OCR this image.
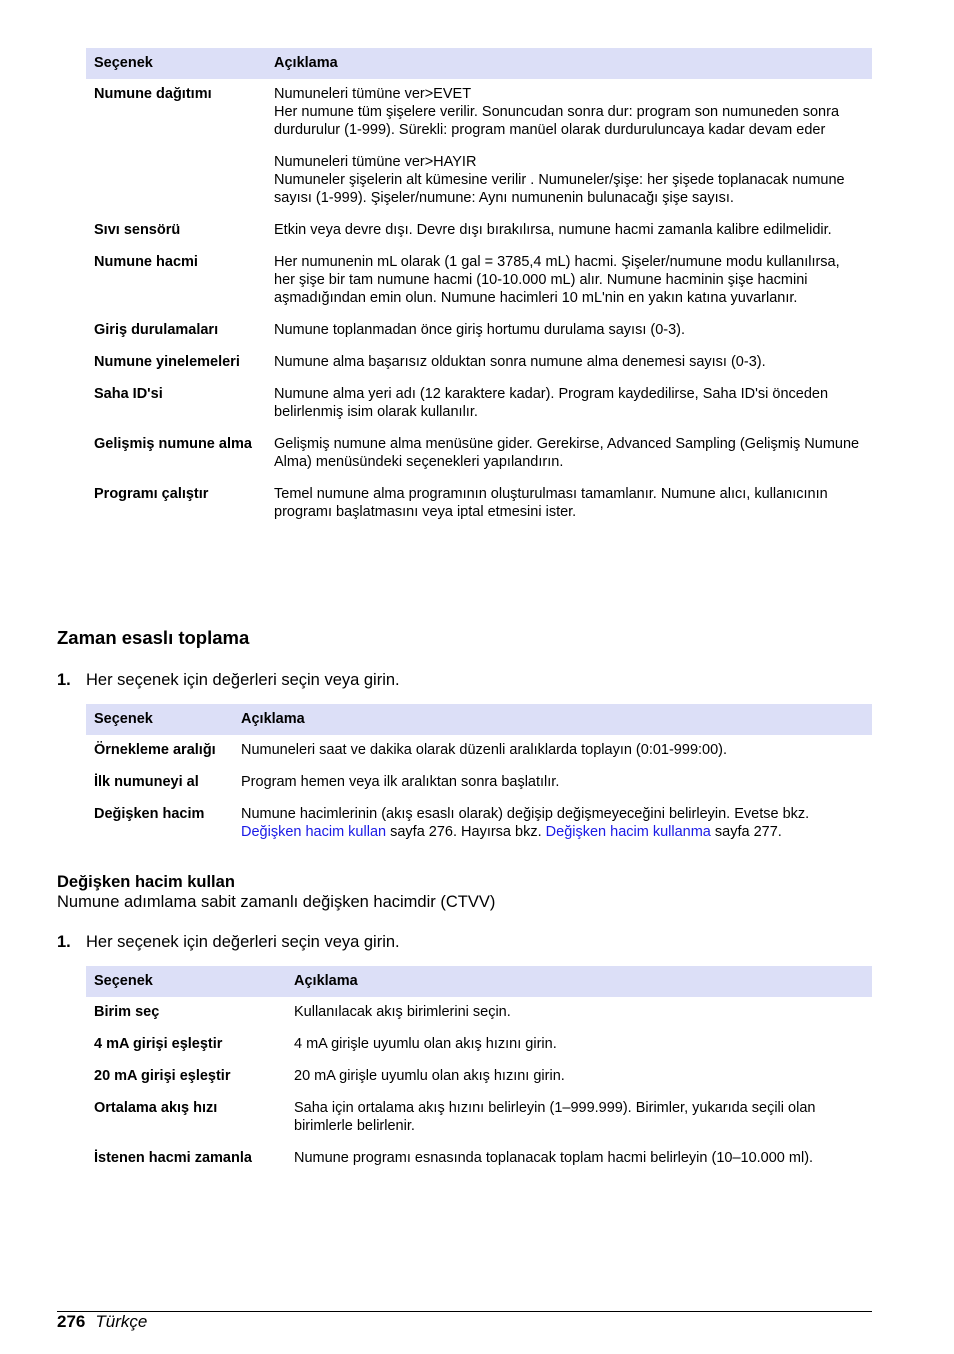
Seçenek	Açıklama
Numune dağıtımı	Numuneleri tümüne ver>EVET
Her numune tüm şişelere verilir. Sonuncudan sonra dur: program son numuneden sonra durdurulur (1-999). Sürekli: program manüel olarak durduruluncaya kadar devam eder
Numuneleri tümüne ver>HAYIR
Numuneler şişelerin alt kümesine verilir . Numuneler/şişe: her şişede toplanacak numune sayısı (1-999). Şişeler/numune: Aynı numunenin bulunacağı şişe sayısı.

Sıvı sensörü	Etkin veya devre dışı. Devre dışı bırakılırsa, numune hacmi zamanla kalibre edilmelidir.
Numune hacmi	Her numunenin mL olarak (1 gal = 3785,4 mL) hacmi. Şişeler/numune modu kullanılırsa, her şişe bir tam numune hacmi (10-10.000 mL) alır. Numune hacminin şişe hacmini aşmadığından emin olun. Numune hacimleri 10 mL'nin en yakın katına yuvarlanır.
Giriş durulamaları	Numune toplanmadan önce giriş hortumu durulama sayısı (0-3).
Numune yinelemeleri	Numune alma başarısız olduktan sonra numune alma denemesi sayısı (0-3).
Saha ID'si	Numune alma yeri adı (12 karaktere kadar). Program kaydedilirse, Saha ID'si önceden belirlenmiş isim olarak kullanılır.
Gelişmiş numune alma	Gelişmiş numune alma menüsüne gider. Gerekirse, Advanced Sampling (Gelişmiş Numune Alma) menüsündeki seçenekleri yapılandırın.
Programı çalıştır	Temel numune alma programının oluşturulması tamamlanır. Numune alıcı, kullanıcının programı başlatmasını veya iptal etmesini ister.
Zaman esaslı toplama
1. Her seçenek için değerleri seçin veya girin.
Seçenek	Açıklama
Örnekleme aralığı	Numuneleri saat ve dakika olarak düzenli aralıklarda toplayın (0:01-999:00).
İlk numuneyi al	Program hemen veya ilk aralıktan sonra başlatılır.
Değişken hacim	Numune hacimlerinin (akış esaslı olarak) değişip değişmeyeceğini belirleyin. Evetse bkz.
Değişken hacim kullan sayfa 276. Hayırsa bkz. Değişken hacim kullanma sayfa 277.
Değişken hacim kullan
Numune adımlama sabit zamanlı değişken hacimdir (CTVV)
1. Her seçenek için değerleri seçin veya girin.
Seçenek	Açıklama
Birim seç	Kullanılacak akış birimlerini seçin.
4 mA girişi eşleştir	4 mA girişle uyumlu olan akış hızını girin.
20 mA girişi eşleştir	20 mA girişle uyumlu olan akış hızını girin.
Ortalama akış hızı	Saha için ortalama akış hızını belirleyin (1–999.999). Birimler, yukarıda seçili olan birimlerle belirlenir.
İstenen hacmi zamanla	Numune programı esnasında toplanacak toplam hacmi belirleyin (10–10.000 ml).
276 Türkçe
